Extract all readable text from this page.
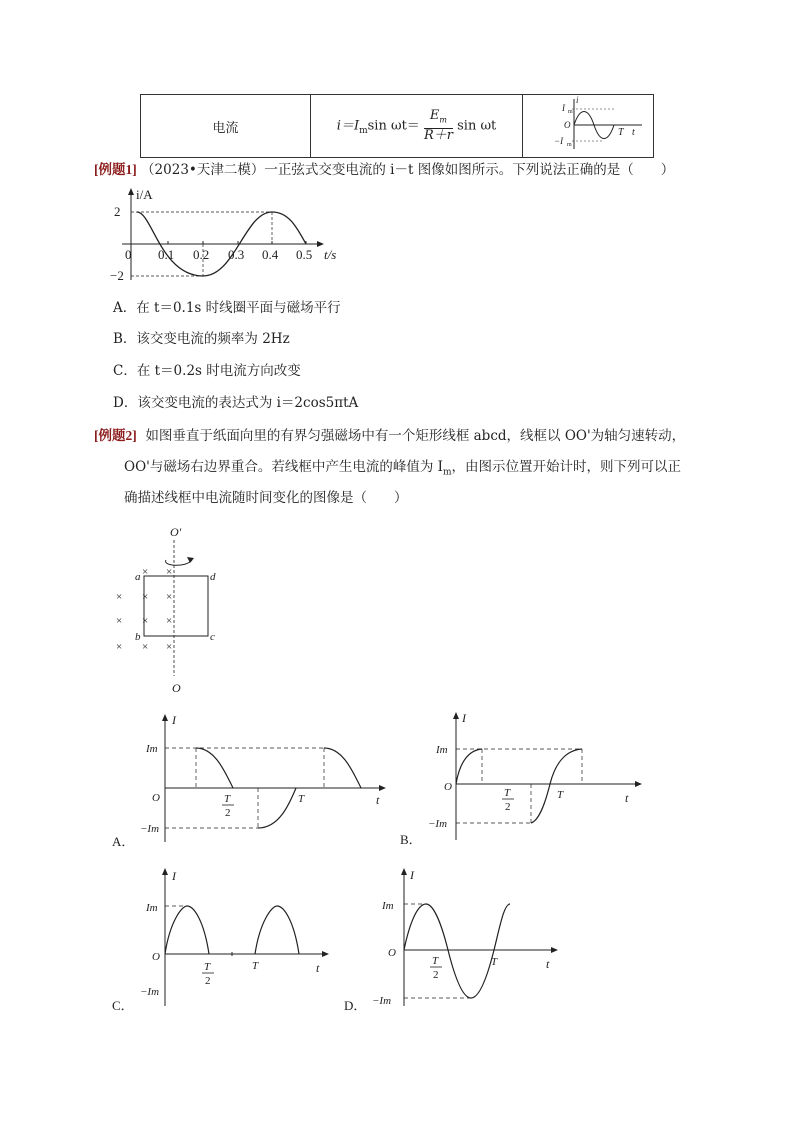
电流	$i=I_m\sin$ $\omega t= \frac{E_m}{R+r}$ sin ωt	
i
I m
O
−I m
T t
[例题1] （2023•天津二模）一正弦式交变电流的 i－t 图像如图所示。下列说法正确的是（　　）
i/A
t/s
2
−2
0 0.1 0.2 0.3 0.4 0.5
A．在 t＝0.1s 时线圈平面与磁场平行
B．该交变电流的频率为 2Hz
C．在 t＝0.2s 时电流方向改变
D．该交变电流的表达式为 i＝2cos5πtA
[例题2] 如图垂直于纸面向里的有界匀强磁场中有一个矩形线框 abcd，线框以 OO'为轴匀速转动，
OO'与磁场右边界重合。若线框中产生电流的峰值为 $I_m$，由图示位置开始计时，则下列可以正
确描述线框中电流随时间变化的图像是（　　）
O′
a	d
b	c
× ×
× × ×
× × ×
× × ×
O
I
Im
O
−Im
T
2
T	t
A．
I
Im
O
−Im
T
2
T	t
B．
I
Im
O
−Im
T
2
T	t
C．
I
Im
O
−Im
T
2
T	t
D．
